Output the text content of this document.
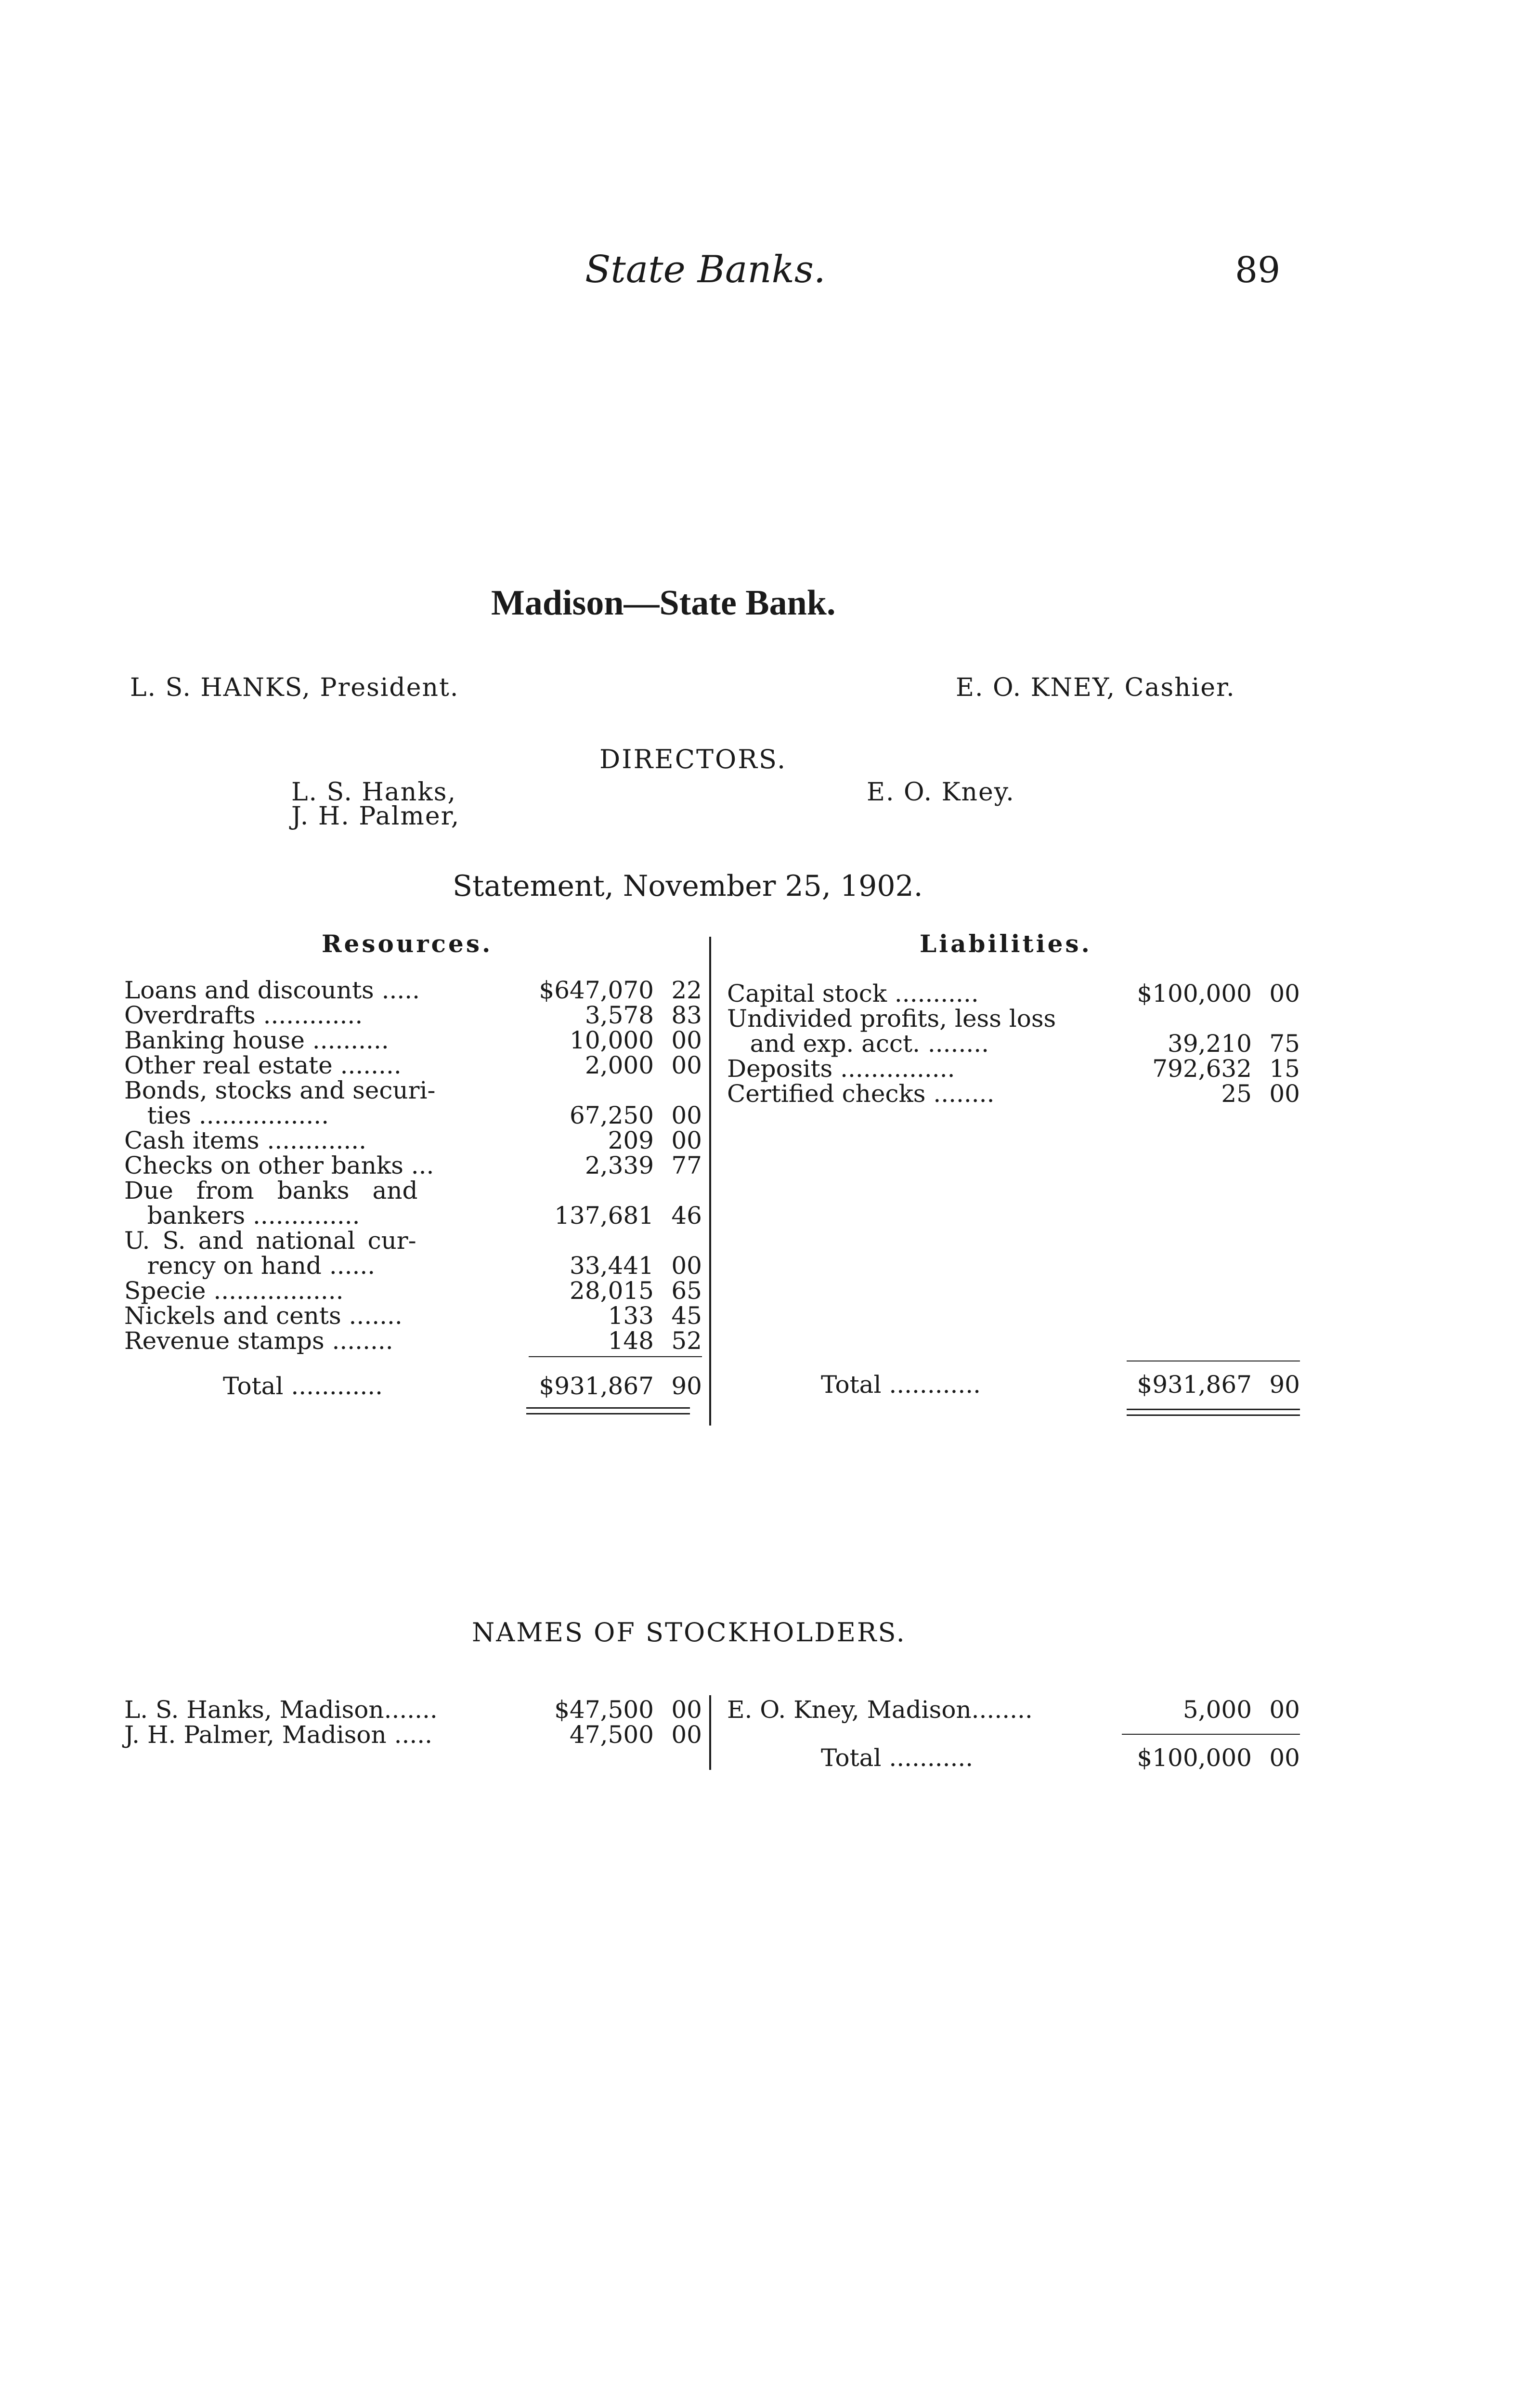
State Banks.	89
Madison—State Bank.
L. S. HANKS, President.	E. O. KNEY, Cashier.
DIRECTORS.
L. S. Hanks,
J. H. Palmer,
E. O. Kney.
Statement, November 25, 1902.
Resources.	Liabilities.
Loans and discounts .....	$647,070 22
Overdrafts .............	3,578 83
Banking house ..........	10,000 00
Other real estate ........	2,000 00
Bonds, stocks and securi-
ties .................	67,250 00
Cash items .............	209 00
Checks on other banks ...	2,339 77
Due from banks and
bankers ..............	137,681 46
U. S. and national cur-
rency on hand ......	33,441 00
Specie .................	28,015 65
Nickels and cents .......	133 45
Revenue stamps ........	148 52
Total ............	$931,867 90
Capital stock ...........	$100,000 00
Undivided profits, less loss
and exp. acct. ........	39,210 75
Deposits ...............	792,632 15
Certified checks ........	25 00
Total ............	$931,867 90
NAMES OF STOCKHOLDERS.
L. S. Hanks, Madison.......	$47,500 00
J. H. Palmer, Madison .....	47,500 00
E. O. Kney, Madison........	5,000 00
Total ...........	$100,000 00
